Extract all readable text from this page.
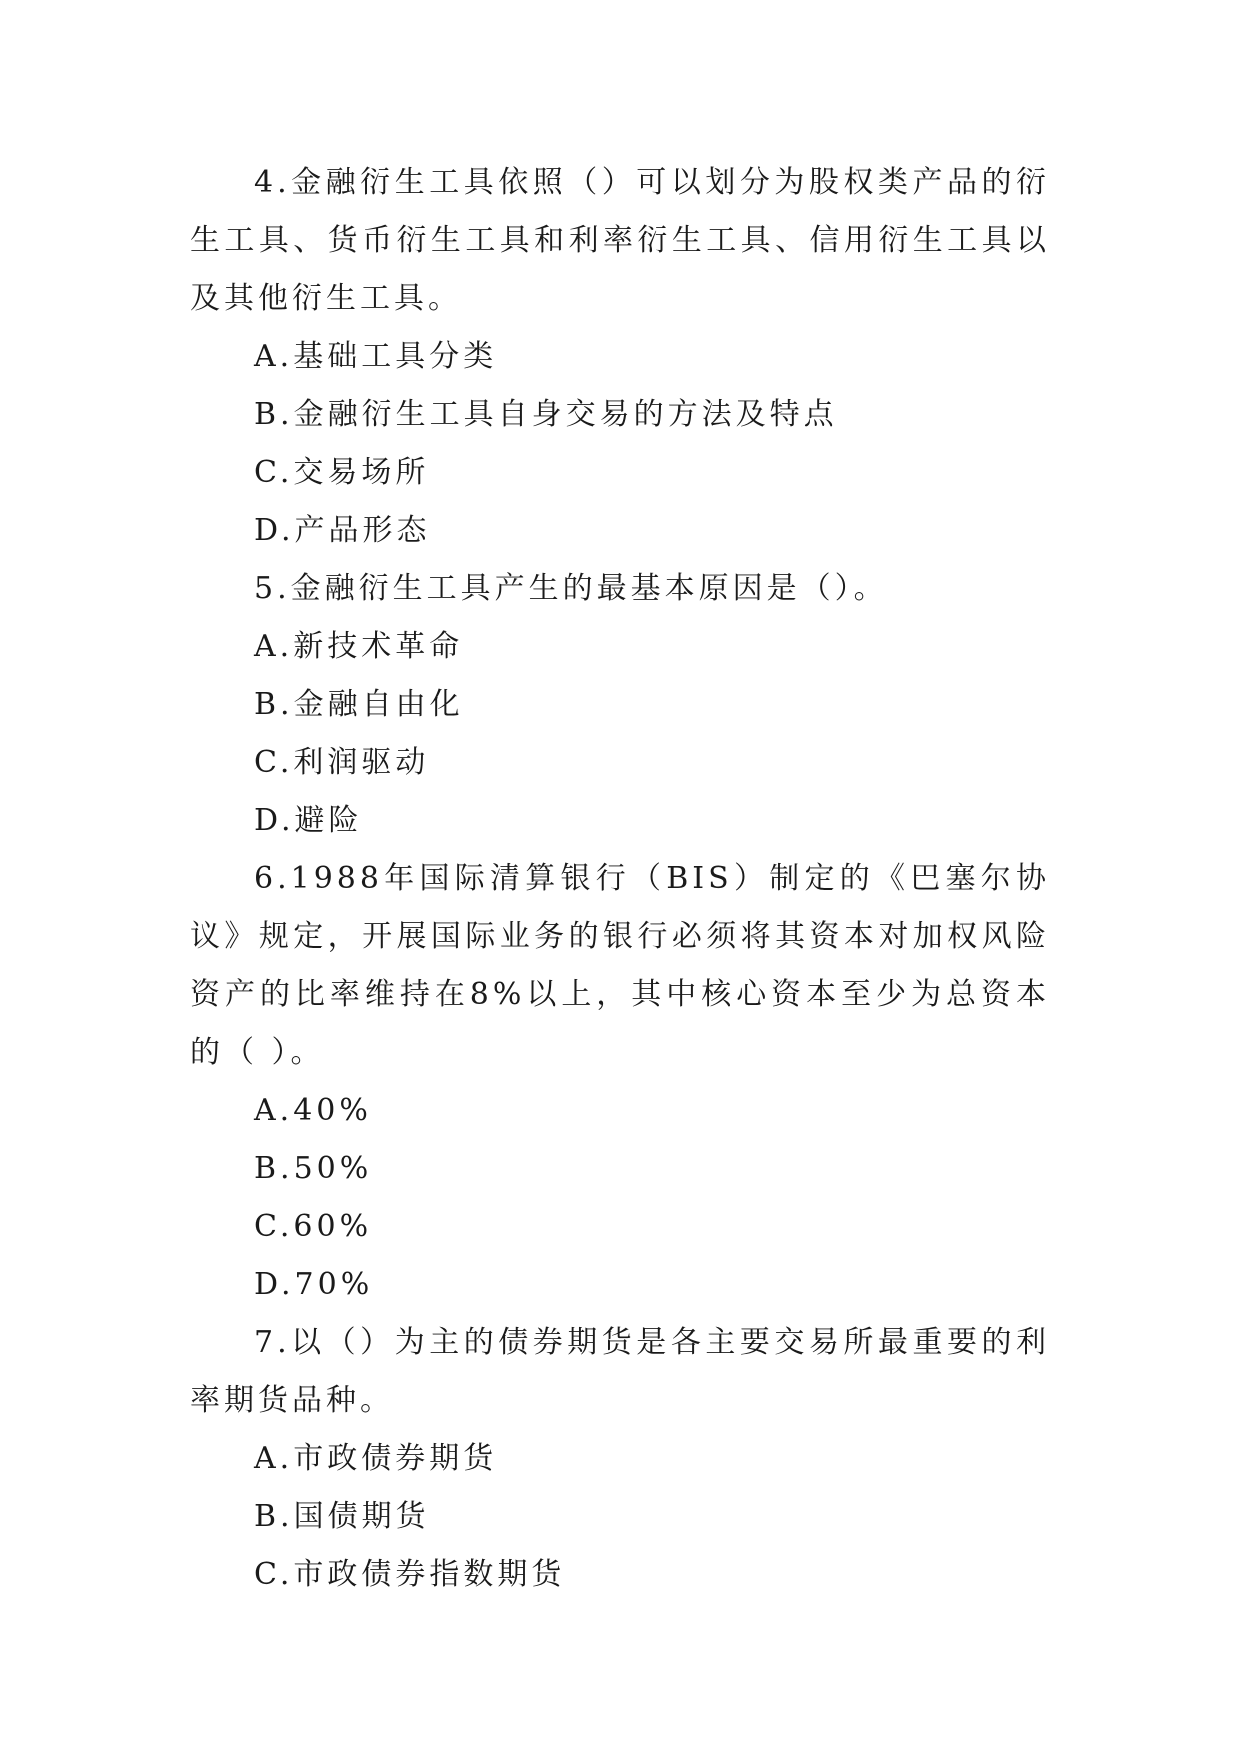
4.金融衍生工具依照（）可以划分为股权类产品的衍生工具、货币衍生工具和利率衍生工具、信用衍生工具以及其他衍生工具。

A.基础工具分类

B.金融衍生工具自身交易的方法及特点

C.交易场所

D.产品形态

5.金融衍生工具产生的最基本原因是（）。

A.新技术革命

B.金融自由化

C.利润驱动

D.避险

6.1988年国际清算银行（BIS）制定的《巴塞尔协议》规定，开展国际业务的银行必须将其资本对加权风险资产的比率维持在8%以上，其中核心资本至少为总资本的（ ）。

A.40%

B.50%

C.60%

D.70%

7.以（）为主的债券期货是各主要交易所最重要的利率期货品种。

A.市政债券期货

B.国债期货

C.市政债券指数期货
